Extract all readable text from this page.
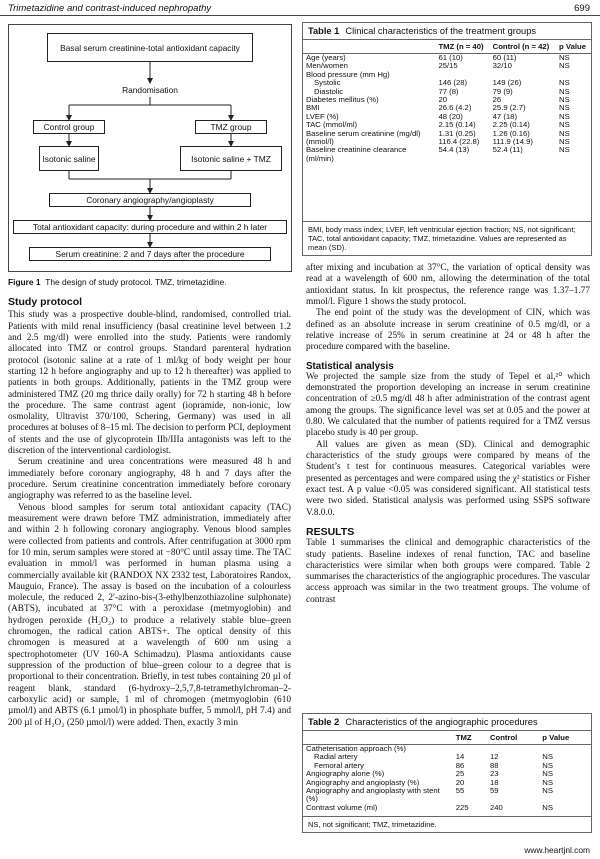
Trimetazidine and contrast-induced nephropathy	699
Basal serum creatinine-total antioxidant capacity
Randomisation
Control group	TMZ group
Isotonic saline	Isotonic saline + TMZ
Coronary angiography/angioplasty
Total antioxidant capacity: during procedure and within 2 h later
Serum creatinine: 2 and 7 days after the procedure
Figure 1 The design of study protocol. TMZ, trimetazidine.
Study protocol

This study was a prospective double-blind, randomised, controlled trial. Patients with mild renal insufficiency (basal creatinine level between 1.2 and 2.5 mg/dl) were enrolled into the study. Patients were randomly allocated into TMZ or control groups. Standard parenteral hydration protocol (isotonic saline at a rate of 1 ml/kg of body weight per hour starting 12 h before angiography and up to 12 h thereafter) was applied to patients in both groups. Additionally, patients in the TMZ group were administered TMZ (20 mg thrice daily orally) for 72 h starting 48 h before the procedure. The same contrast agent (iopramide, non-ionic, low osmolality, Ultravist 370/100, Schering, Germany) was used in all procedures at boluses of 8–15 ml. The decision to perform PCI, deployment of stents and the use of glycoprotein IIb/IIIa antagonists was left to the discretion of the interventional cardiologist.

Serum creatinine and urea concentrations were measured 48 h and immediately before coronary angiography, 48 h and 7 days after the procedure. Serum creatinine concentration immediately before coronary angiography was referred to as the baseline level.

Venous blood samples for serum total antioxidant capacity (TAC) measurement were drawn before TMZ administration, immediately after and within 2 h following coronary angiography. Venous blood samples were collected from patients and controls. After centrifugation at 3000 rpm for 10 min, serum samples were stored at −80°C until assay time. The TAC evaluation in mmol/l was performed in human plasma using a commercially available kit (RANDOX NX 2332 test, Laboratoires Randox, Mauguio, France). The assay is based on the incubation of a colourless molecule, the reduced 2, 2′-azino-bis-(3-ethylbenzothiazoline sulphonate) (ABTS), incubated at 37°C with a peroxidase (metmyoglobin) and hydrogen peroxide (H₂O₂) to produce a relatively stable blue–green chromogen, the radical cation ABTS+. The optical density of this chromogen is measured at a wavelength of 600 nm using a spectrophotometer (UV 160-A Schimadzu). Plasma antioxidants cause suppression of the production of blue–green colour to a degree that is proportional to their concentration. Briefly, in test tubes containing 20 µl of reagent blank, standard (6-hydroxy–2,5,7,8-tetramethylchroman–2-carboxylic acid) or sample, 1 ml of chromogen (metmyoglobin (610 µmol/l) and ABTS (6.1 µmol/l) in phosphate buffer, 5 mmol/l, pH 7.4) and 200 µl of H₂O₂ (250 µmol/l) were added. Then, exactly 3 min

Table 1 Clinical characteristics of the treatment groups
	TMZ (n = 40)	Control (n = 42)	p Value
Age (years)	61 (10)	60 (11)	NS
Men/women	25/15	32/10	NS
Blood pressure (mm Hg)			
Systolic	146 (28)	149 (26)	NS
Diastolic	77 (8)	79 (9)	NS
Diabetes mellitus (%)	20	26	NS
BMI	26.6 (4.2)	25.9 (2.7)	NS
LVEF (%)	48 (20)	47 (18)	NS
TAC (mmol/ml)	2.15 (0.14)	2.25 (0.14)	NS
Baseline serum creatinine (mg/dl)	1.31 (0.25)	1.26 (0.16)	NS
(mmol/l)	116.4 (22.8)	111.9 (14.9)	NS
Baseline creatinine clearance (ml/min)	54.4 (13)	52.4 (11)	NS
BMI, body mass index; LVEF, left ventricular ejection fraction; NS, not significant; TAC, total antioxidant capacity; TMZ, trimetazidine. Values are represented as mean (SD).

after mixing and incubation at 37°C, the variation of optical density was read at a wavelength of 600 nm, allowing the determination of the total antioxidant status. In kit prospectus, the reference range was 1.37–1.77 mmol/l. Figure 1 shows the study protocol.

The end point of the study was the development of CIN, which was defined as an absolute increase in serum creatinine of 0.5 mg/dl, or a relative increase of 25% in serum creatinine at 24 or 48 h after the procedure compared with the baseline.

Statistical analysis

We projected the sample size from the study of Tepel et al,²⁰ which demonstrated the proportion developing an increase in serum creatinine concentration of ≥0.5 mg/dl 48 h after administration of the contrast agent among the groups. The significance level was set at 0.05 and the power at 0.80. We calculated that the number of patients required for a TMZ versus placebo study is 40 per group.

All values are given as mean (SD). Clinical and demographic characteristics of the study groups were compared by means of the Student’s t test for continuous measures. Categorical variables were presented as percentages and were compared using the χ² statistics or Fisher exact test. A p value <0.05 was considered significant. All statistical tests were two sided. Statistical analysis was performed using SSPS software V.8.0.0.

RESULTS

Table 1 summarises the clinical and demographic characteristics of the study patients. Baseline indexes of renal function, TAC and baseline characteristics were similar when both groups were compared. Table 2 summarises the characteristics of the angiographic procedures. The vascular access approach was similar in the two treatment groups. The volume of contrast

Table 2 Characteristics of the angiographic procedures
	TMZ	Control	p Value
Catheterisation approach (%)			
Radial artery	14	12	NS
Femoral artery	86	88	NS
Angiography alone (%)	25	23	NS
Angiography and angioplasty (%)	20	18	NS
Angiography and angioplasty with stent (%)	55	59	NS
Contrast volume (ml)	225	240	NS
NS, not significant; TMZ, trimetazidine.
www.heartjnl.com
